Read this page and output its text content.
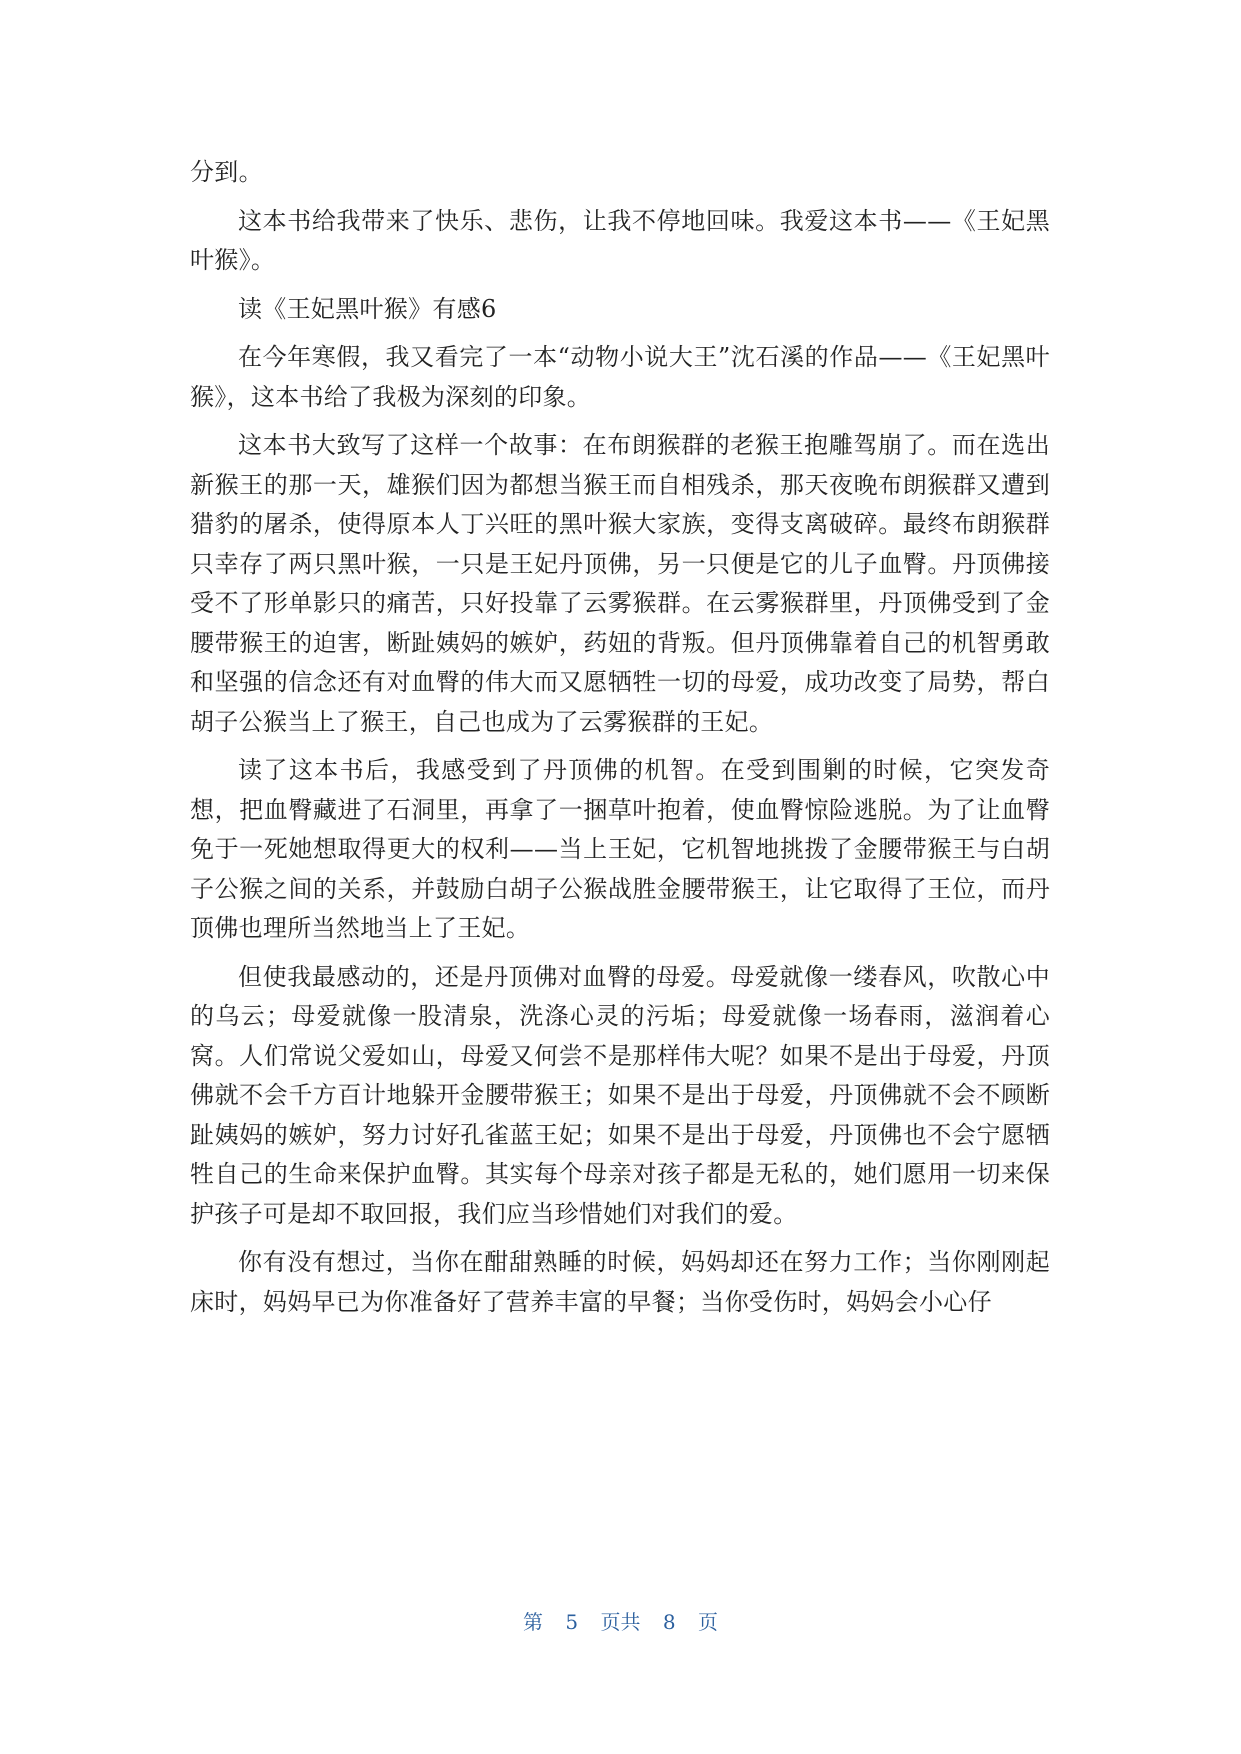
分到。

这本书给我带来了快乐、悲伤，让我不停地回味。我爱这本书——《王妃黑叶猴》。

读《王妃黑叶猴》有感6

在今年寒假，我又看完了一本“动物小说大王”沈石溪的作品——《王妃黑叶猴》，这本书给了我极为深刻的印象。

这本书大致写了这样一个故事：在布朗猴群的老猴王抱雕驾崩了。而在选出新猴王的那一天，雄猴们因为都想当猴王而自相残杀，那天夜晚布朗猴群又遭到猎豹的屠杀，使得原本人丁兴旺的黑叶猴大家族，变得支离破碎。最终布朗猴群只幸存了两只黑叶猴，一只是王妃丹顶佛，另一只便是它的儿子血臀。丹顶佛接受不了形单影只的痛苦，只好投靠了云雾猴群。在云雾猴群里，丹顶佛受到了金腰带猴王的迫害，断趾姨妈的嫉妒，药妞的背叛。但丹顶佛靠着自己的机智勇敢和坚强的信念还有对血臀的伟大而又愿牺牲一切的母爱，成功改变了局势，帮白胡子公猴当上了猴王，自己也成为了云雾猴群的王妃。

读了这本书后，我感受到了丹顶佛的机智。在受到围剿的时候，它突发奇想，把血臀藏进了石洞里，再拿了一捆草叶抱着，使血臀惊险逃脱。为了让血臀免于一死她想取得更大的权利——当上王妃，它机智地挑拨了金腰带猴王与白胡子公猴之间的关系，并鼓励白胡子公猴战胜金腰带猴王，让它取得了王位，而丹顶佛也理所当然地当上了王妃。

但使我最感动的，还是丹顶佛对血臀的母爱。母爱就像一缕春风，吹散心中的乌云；母爱就像一股清泉，洗涤心灵的污垢；母爱就像一场春雨，滋润着心窝。人们常说父爱如山，母爱又何尝不是那样伟大呢？如果不是出于母爱，丹顶佛就不会千方百计地躲开金腰带猴王；如果不是出于母爱，丹顶佛就不会不顾断趾姨妈的嫉妒，努力讨好孔雀蓝王妃；如果不是出于母爱，丹顶佛也不会宁愿牺牲自己的生命来保护血臀。其实每个母亲对孩子都是无私的，她们愿用一切来保护孩子可是却不取回报，我们应当珍惜她们对我们的爱。

你有没有想过，当你在酣甜熟睡的时候，妈妈却还在努力工作；当你刚刚起床时，妈妈早已为你准备好了营养丰富的早餐；当你受伤时，妈妈会小心仔

第 5 页共 8 页
